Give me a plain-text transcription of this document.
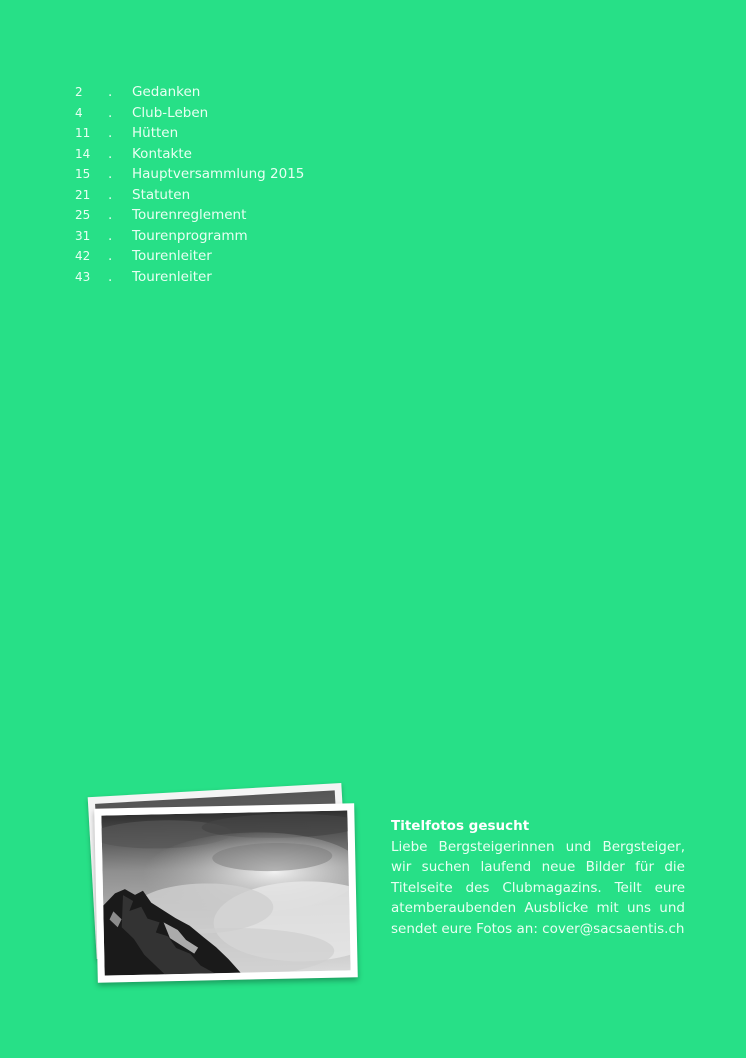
2	.	Gedanken
4	.	Club-Leben
11	.	Hütten
14	.	Kontakte
15	.	Hauptversammlung 2015
21	.	Statuten
25	.	Tourenreglement
31	.	Tourenprogramm
42	.	Tourenleiter
43	.	Tourenleiter

Titelfotos gesucht

Liebe Bergsteigerinnen und Bergsteiger, wir suchen laufend neue Bilder für die Titelseite des Clubmagazins. Teilt eure atemberaubenden Ausblicke mit uns und sendet eure Fotos an: cover@sacsaentis.ch
